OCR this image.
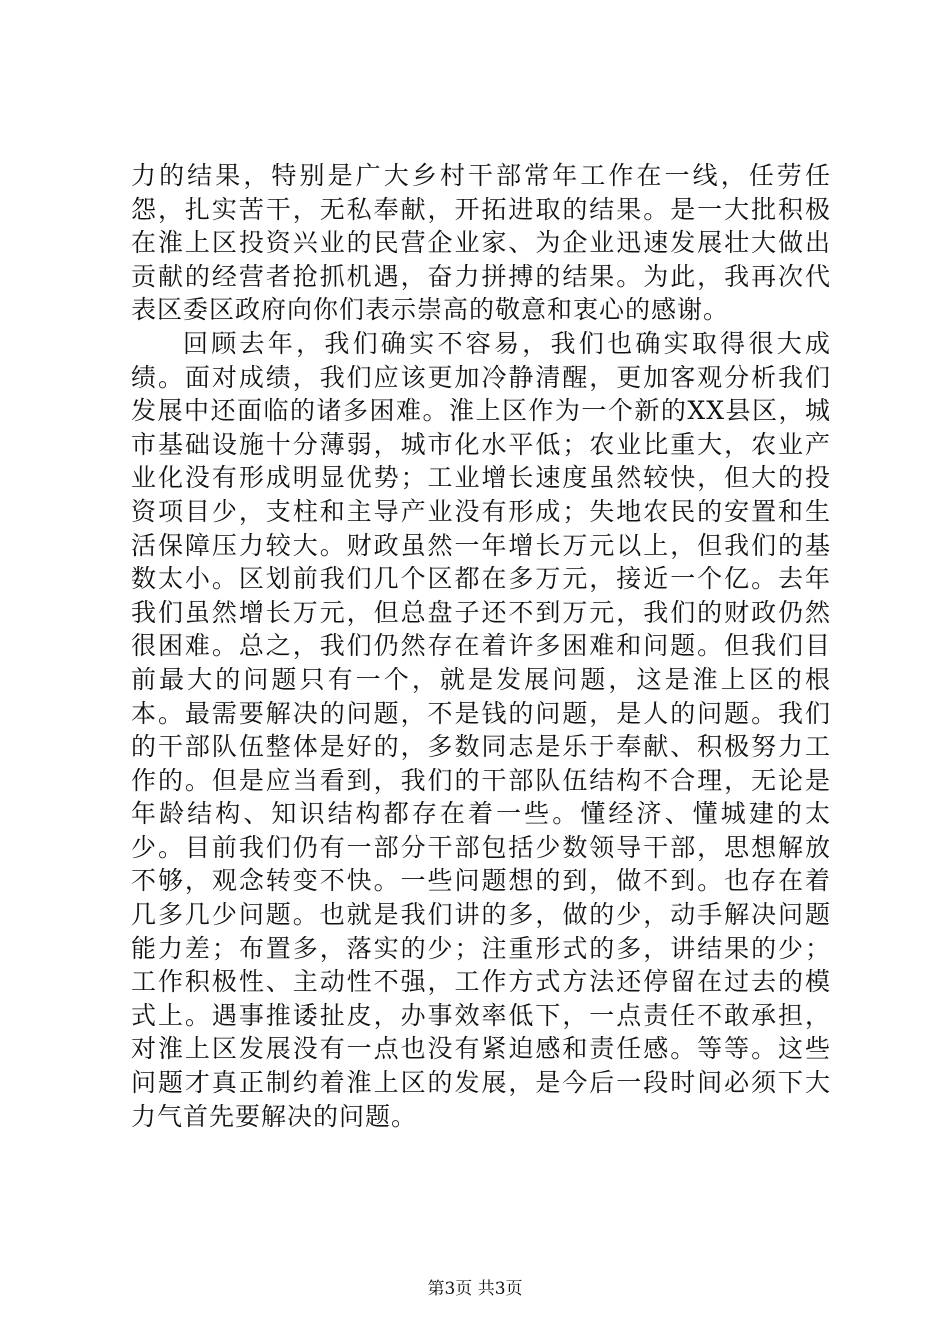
力的结果，特别是广大乡村干部常年工作在一线，任劳任怨，扎实苦干，无私奉献，开拓进取的结果。是一大批积极在淮上区投资兴业的民营企业家、为企业迅速发展壮大做出贡献的经营者抢抓机遇，奋力拼搏的结果。为此，我再次代表区委区政府向你们表示崇高的敬意和衷心的感谢。

回顾去年，我们确实不容易，我们也确实取得很大成绩。面对成绩，我们应该更加冷静清醒，更加客观分析我们发展中还面临的诸多困难。淮上区作为一个新的XX县区，城市基础设施十分薄弱，城市化水平低；农业比重大，农业产业化没有形成明显优势；工业增长速度虽然较快，但大的投资项目少，支柱和主导产业没有形成；失地农民的安置和生活保障压力较大。财政虽然一年增长万元以上，但我们的基数太小。区划前我们几个区都在多万元，接近一个亿。去年我们虽然增长万元，但总盘子还不到万元，我们的财政仍然很困难。总之，我们仍然存在着许多困难和问题。但我们目前最大的问题只有一个，就是发展问题，这是淮上区的根本。最需要解决的问题，不是钱的问题，是人的问题。我们的干部队伍整体是好的，多数同志是乐于奉献、积极努力工作的。但是应当看到，我们的干部队伍结构不合理，无论是年龄结构、知识结构都存在着一些。懂经济、懂城建的太少。目前我们仍有一部分干部包括少数领导干部，思想解放不够，观念转变不快。一些问题想的到，做不到。也存在着几多几少问题。也就是我们讲的多，做的少，动手解决问题能力差；布置多，落实的少；注重形式的多，讲结果的少；工作积极性、主动性不强，工作方式方法还停留在过去的模式上。遇事推诿扯皮，办事效率低下，一点责任不敢承担，对淮上区发展没有一点也没有紧迫感和责任感。等等。这些问题才真正制约着淮上区的发展，是今后一段时间必须下大力气首先要解决的问题。

第3页 共3页
